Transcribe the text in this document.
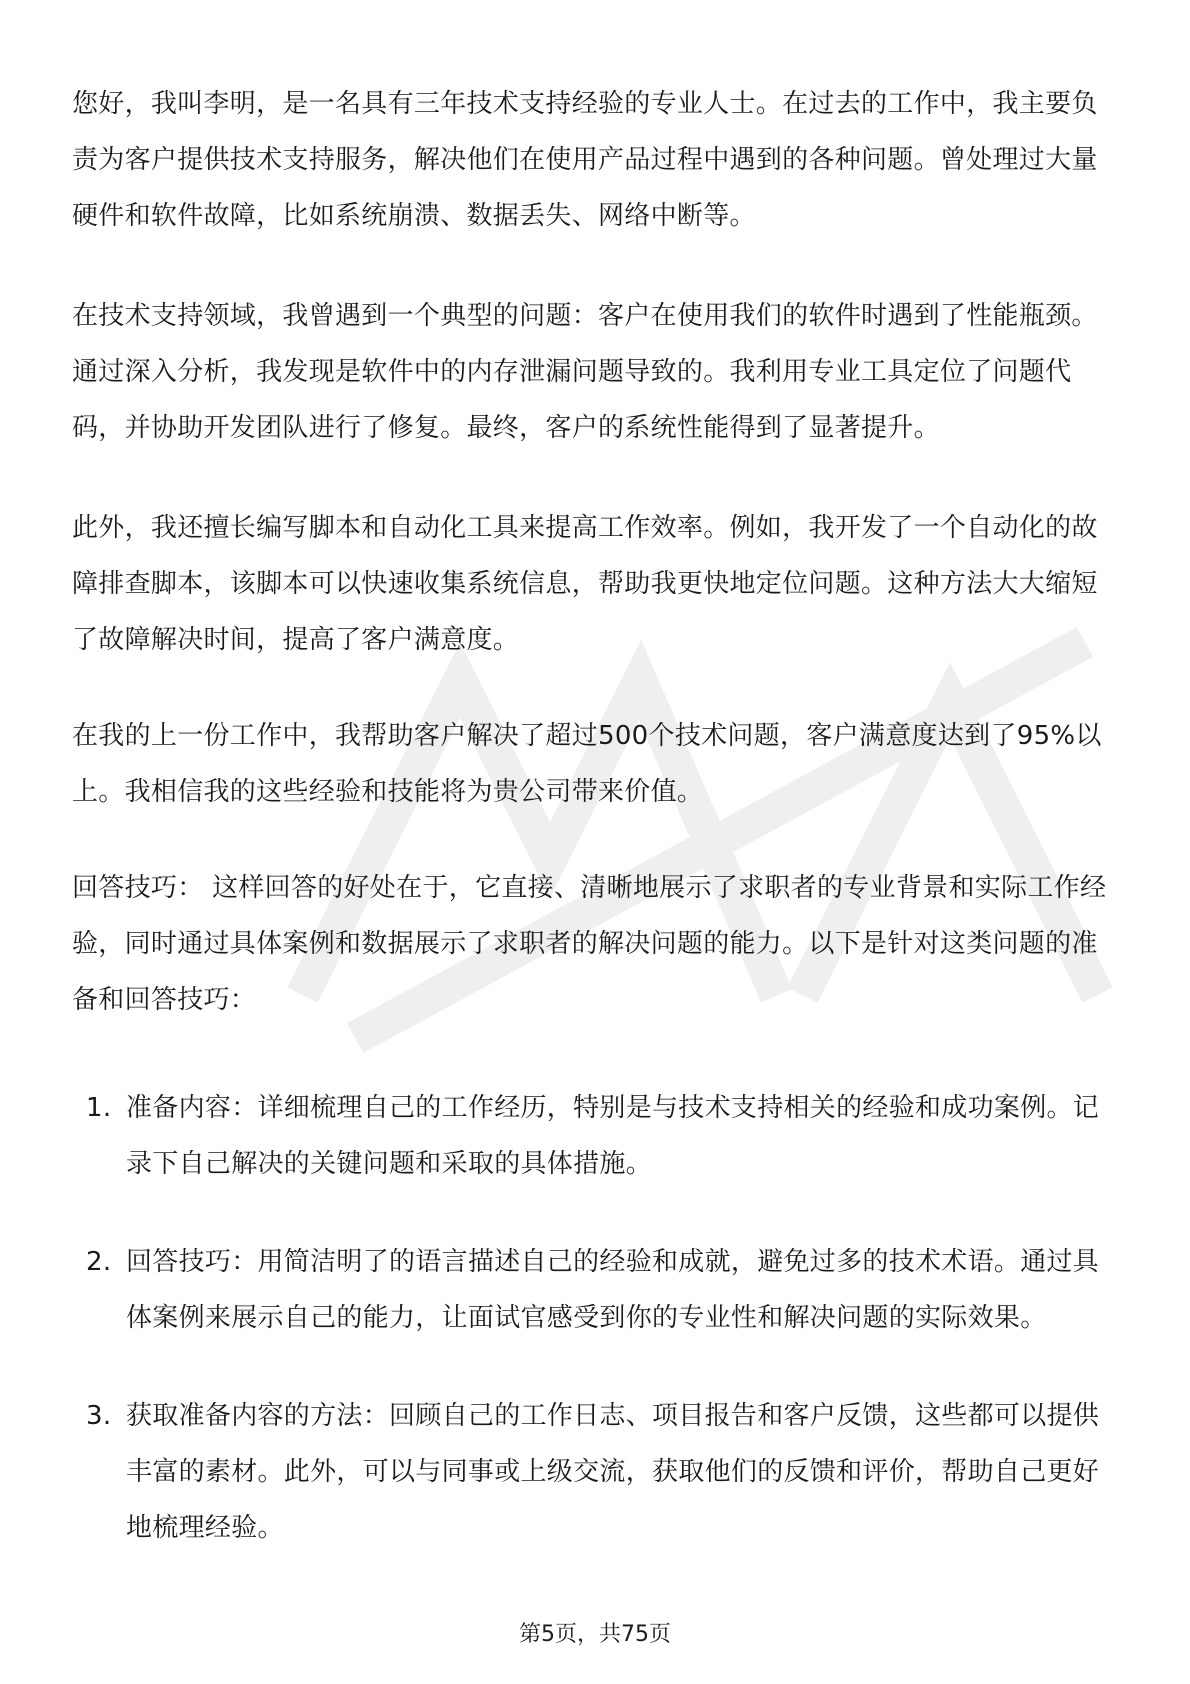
您好，我叫李明，是一名具有三年技术支持经验的专业人士。在过去的工作中，我主要负责为客户提供技术支持服务，解决他们在使用产品过程中遇到的各种问题。曾处理过大量硬件和软件故障，比如系统崩溃、数据丢失、网络中断等。

在技术支持领域，我曾遇到一个典型的问题：客户在使用我们的软件时遇到了性能瓶颈。通过深入分析，我发现是软件中的内存泄漏问题导致的。我利用专业工具定位了问题代码，并协助开发团队进行了修复。最终，客户的系统性能得到了显著提升。

此外，我还擅长编写脚本和自动化工具来提高工作效率。例如，我开发了一个自动化的故障排查脚本，该脚本可以快速收集系统信息，帮助我更快地定位问题。这种方法大大缩短了故障解决时间，提高了客户满意度。

在我的上一份工作中，我帮助客户解决了超过500个技术问题，客户满意度达到了95%以上。我相信我的这些经验和技能将为贵公司带来价值。

回答技巧： 这样回答的好处在于，它直接、清晰地展示了求职者的专业背景和实际工作经验，同时通过具体案例和数据展示了求职者的解决问题的能力。以下是针对这类问题的准备和回答技巧：

1. 准备内容：详细梳理自己的工作经历，特别是与技术支持相关的经验和成功案例。记录下自己解决的关键问题和采取的具体措施。
2. 回答技巧：用简洁明了的语言描述自己的经验和成就，避免过多的技术术语。通过具体案例来展示自己的能力，让面试官感受到你的专业性和解决问题的实际效果。
3. 获取准备内容的方法：回顾自己的工作日志、项目报告和客户反馈，这些都可以提供丰富的素材。此外，可以与同事或上级交流，获取他们的反馈和评价，帮助自己更好地梳理经验。
第5页，共75页
